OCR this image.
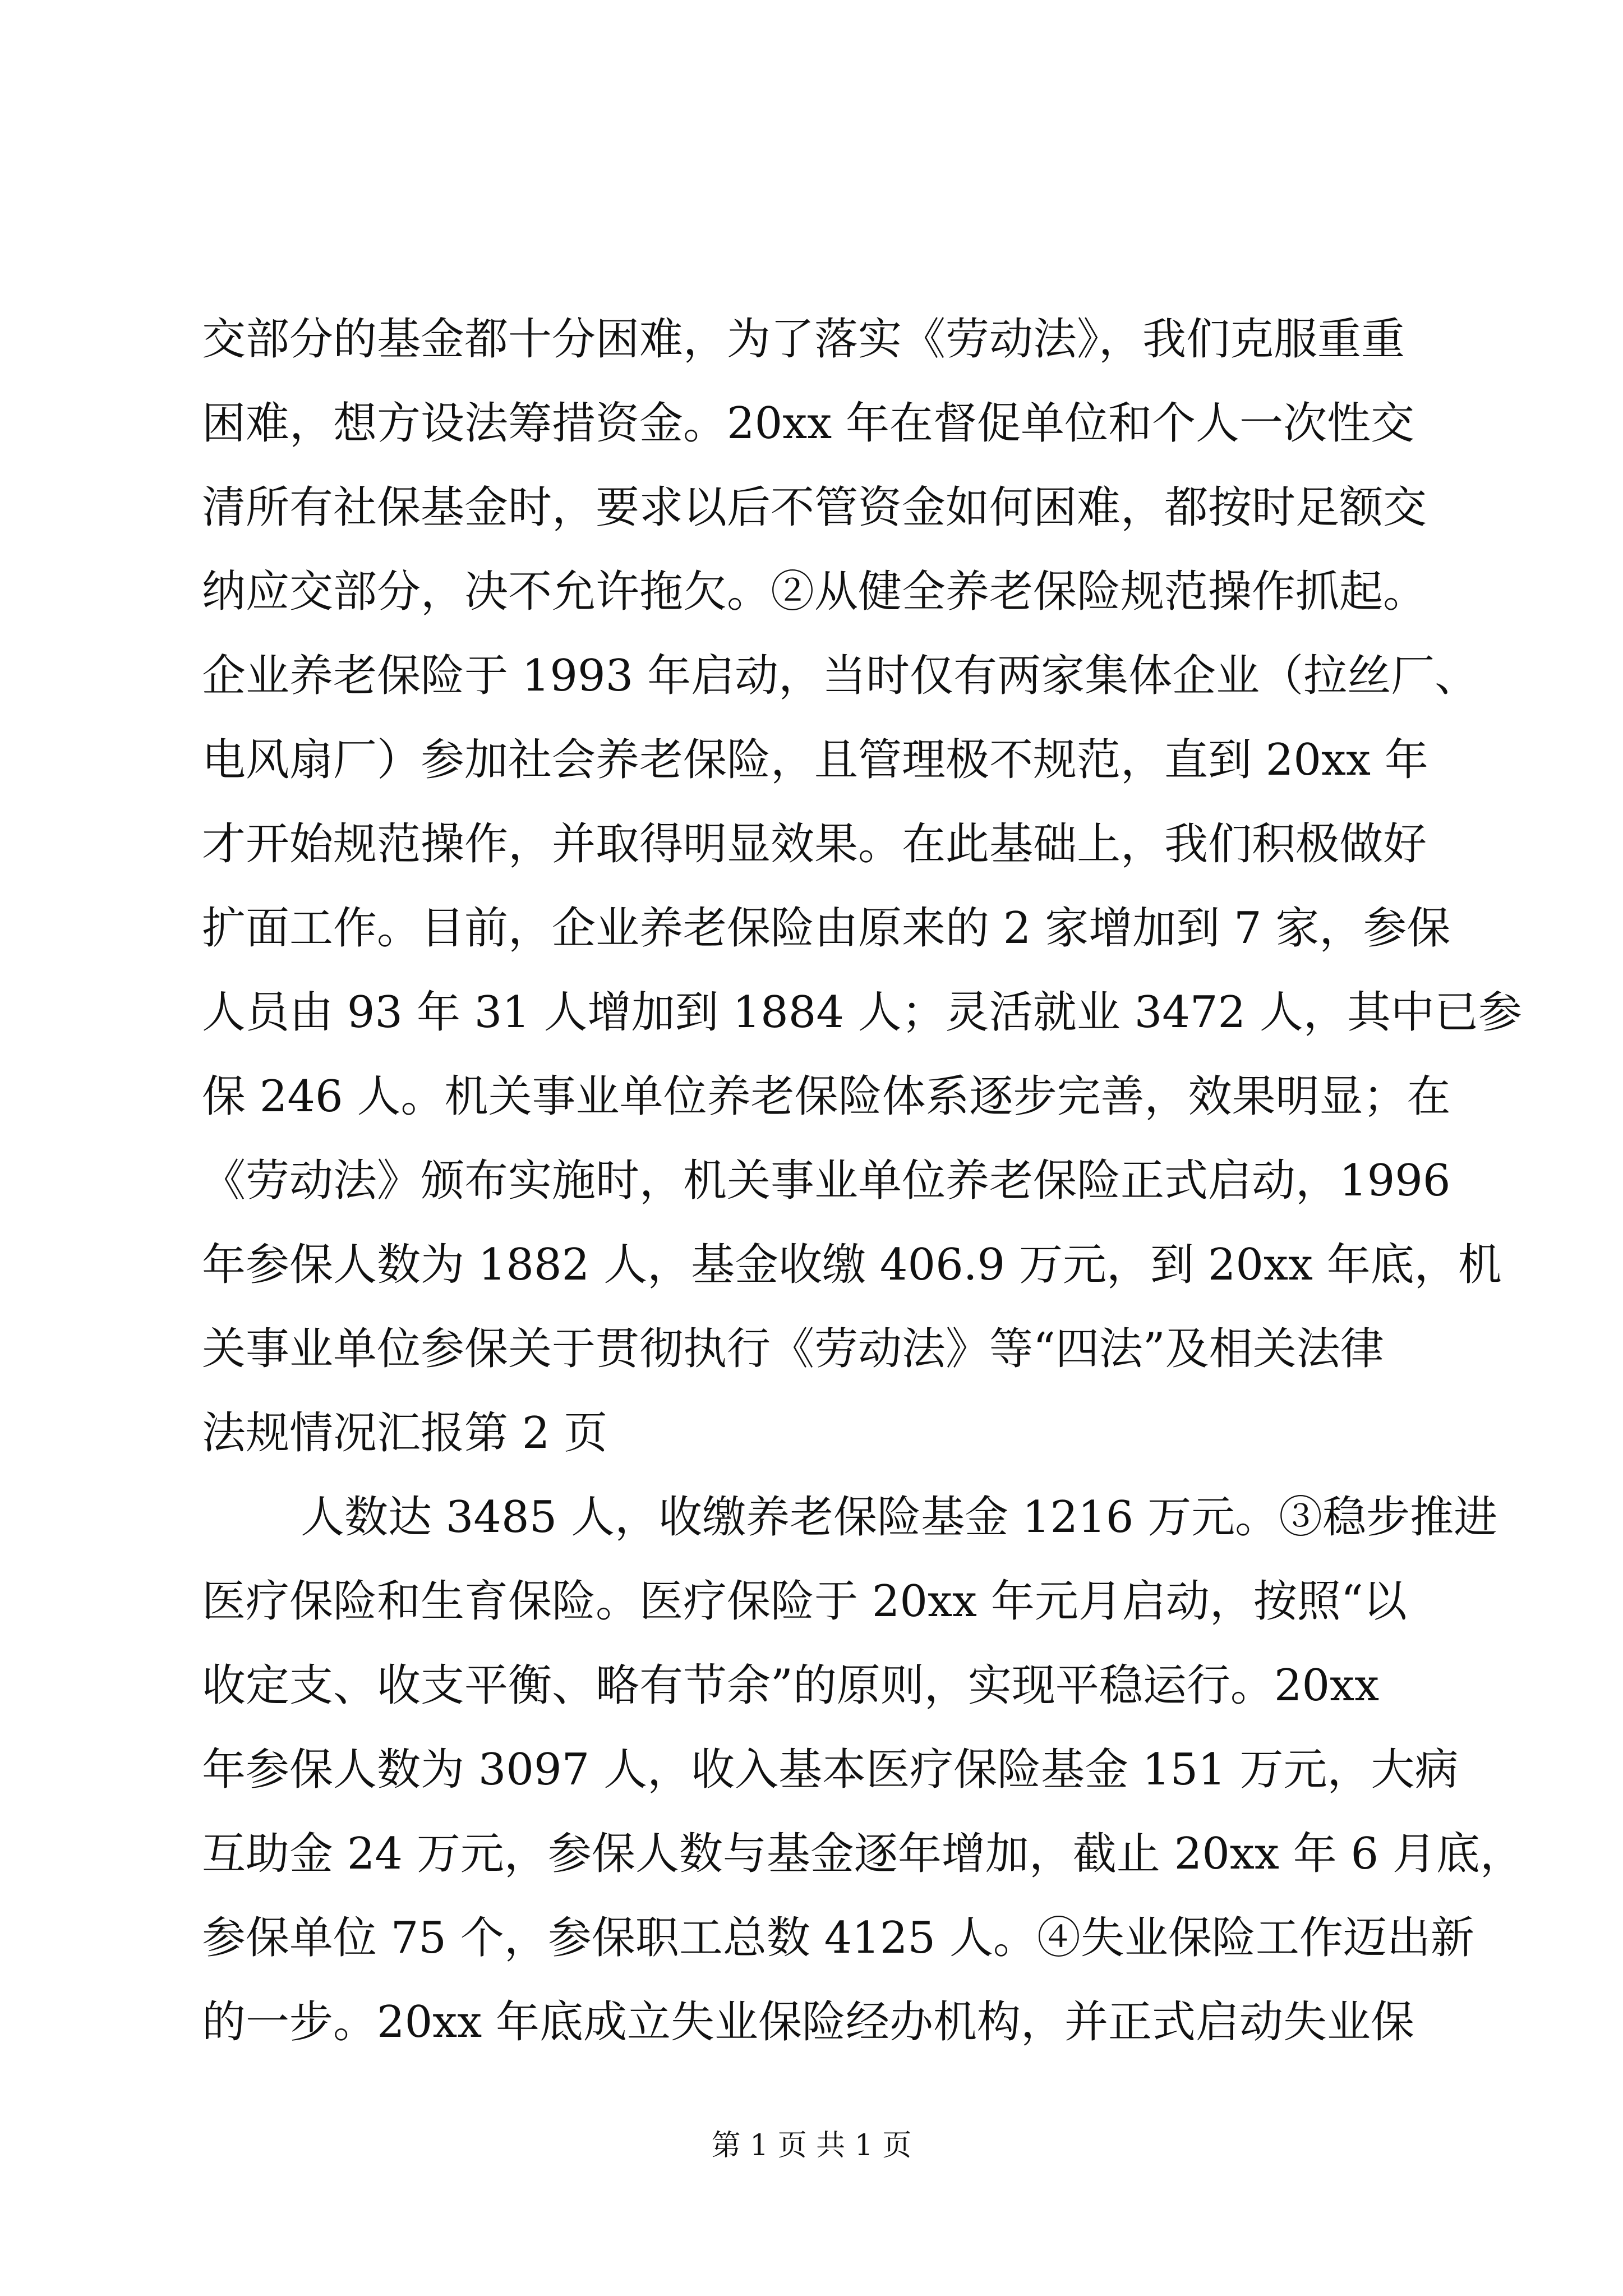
交部分的基金都十分困难，为了落实《劳动法》，我们克服重重
困难，想方设法筹措资金。20xx 年在督促单位和个人一次性交
清所有社保基金时，要求以后不管资金如何困难，都按时足额交
纳应交部分，决不允许拖欠。②从健全养老保险规范操作抓起。
企业养老保险于 1993 年启动，当时仅有两家集体企业（拉丝厂、
电风扇厂）参加社会养老保险，且管理极不规范，直到 20xx 年
才开始规范操作，并取得明显效果。在此基础上，我们积极做好
扩面工作。目前，企业养老保险由原来的 2 家增加到 7 家，参保
人员由 93 年 31 人增加到 1884 人；灵活就业 3472 人，其中已参
保 246 人。机关事业单位养老保险体系逐步完善，效果明显；在
《劳动法》颁布实施时，机关事业单位养老保险正式启动，1996
年参保人数为 1882 人，基金收缴 406.9 万元，到 20xx 年底，机
关事业单位参保关于贯彻执行《劳动法》等“四法”及相关法律
法规情况汇报第 2 页
人数达 3485 人，收缴养老保险基金 1216 万元。③稳步推进
医疗保险和生育保险。医疗保险于 20xx 年元月启动，按照“以
收定支、收支平衡、略有节余”的原则，实现平稳运行。20xx
年参保人数为 3097 人，收入基本医疗保险基金 151 万元，大病
互助金 24 万元，参保人数与基金逐年增加，截止 20xx 年 6 月底，
参保单位 75 个，参保职工总数 4125 人。④失业保险工作迈出新
的一步。20xx 年底成立失业保险经办机构，并正式启动失业保
第 1 页 共 1 页
